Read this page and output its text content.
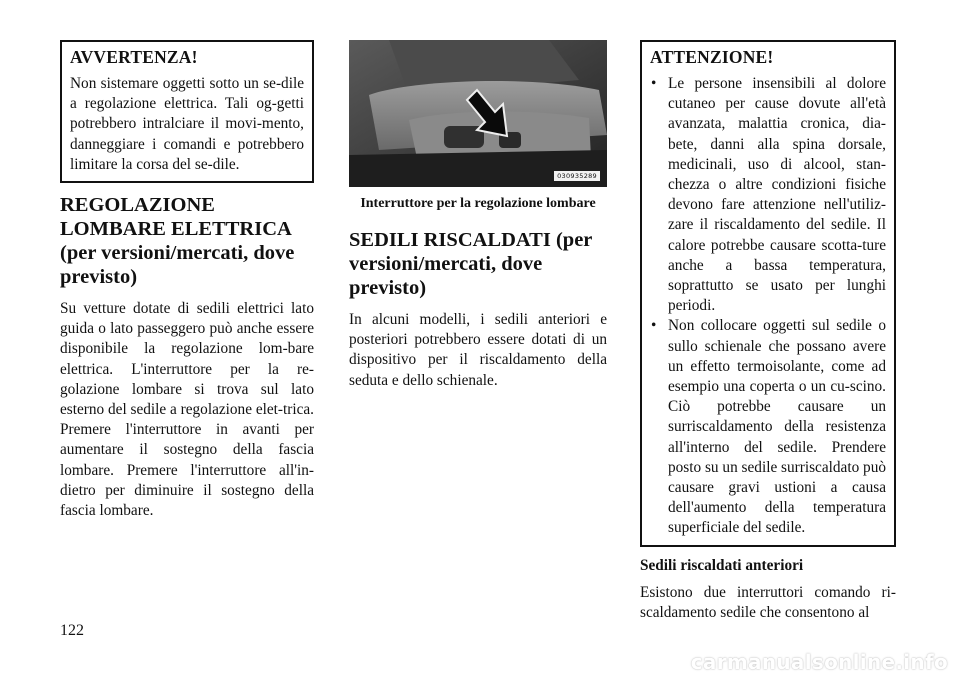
AVVERTENZA!

Non sistemare oggetti sotto un se-dile a regolazione elettrica. Tali og-getti potrebbero intralciare il movi-mento, danneggiare i comandi e potrebbero limitare la corsa del se-dile.

REGOLAZIONE LOMBARE ELETTRICA (per versioni/mercati, dove previsto)

Su vetture dotate di sedili elettrici lato guida o lato passeggero può anche essere disponibile la regolazione lom-bare elettrica. L'interruttore per la re-golazione lombare si trova sul lato esterno del sedile a regolazione elet-trica. Premere l'interruttore in avanti per aumentare il sostegno della fascia lombare. Premere l'interruttore all'in-dietro per diminuire il sostegno della fascia lombare.

030935289

Interruttore per la regolazione lombare

SEDILI RISCALDATI (per versioni/mercati, dove previsto)

In alcuni modelli, i sedili anteriori e posteriori potrebbero essere dotati di un dispositivo per il riscaldamento della seduta e dello schienale.

ATTENZIONE!
• Le persone insensibili al dolore cutaneo per cause dovute all'età avanzata, malattia cronica, dia-bete, danni alla spina dorsale, medicinali, uso di alcool, stan-chezza o altre condizioni fisiche devono fare attenzione nell'utiliz-zare il riscaldamento del sedile. Il calore potrebbe causare scotta-ture anche a bassa temperatura, soprattutto se usato per lunghi periodi.
• Non collocare oggetti sul sedile o sullo schienale che possano avere un effetto termoisolante, come ad esempio una coperta o un cu-scino. Ciò potrebbe causare un surriscaldamento della resistenza all'interno del sedile. Prendere posto su un sedile surriscaldato può causare gravi ustioni a causa dell'aumento della temperatura superficiale del sedile.
Sedili riscaldati anteriori

Esistono due interruttori comando ri-scaldamento sedile che consentono al

122
carmanualsonline.info
